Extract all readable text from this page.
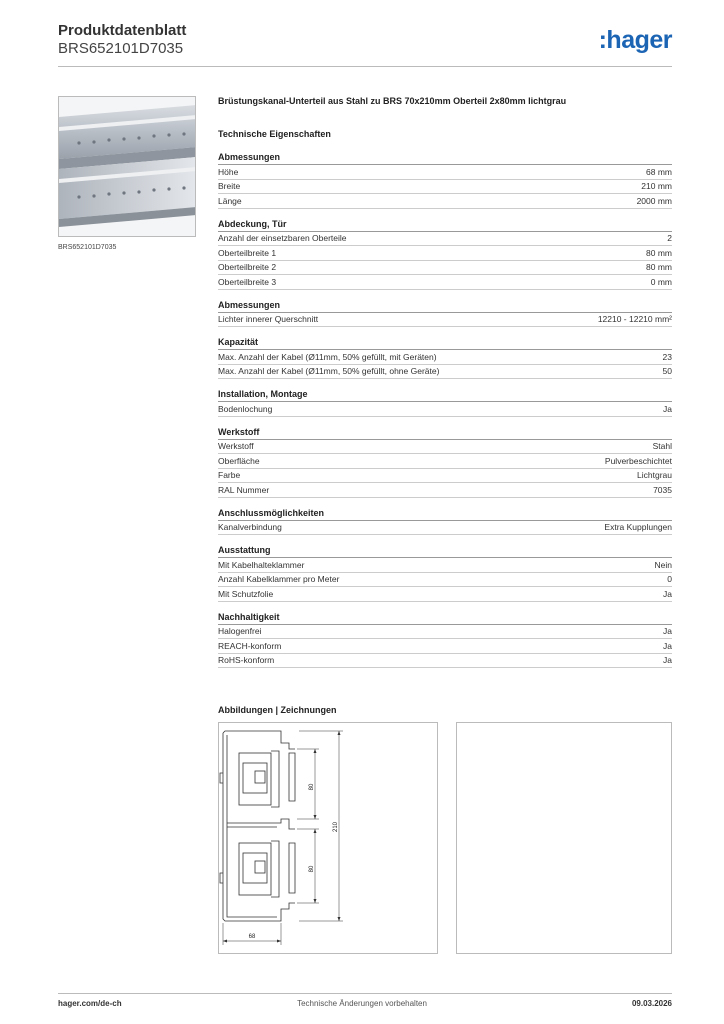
Produktdatenblatt
BRS652101D7035	:hager
BRS652101D7035
Brüstungskanal-Unterteil aus Stahl zu BRS 70x210mm Oberteil 2x80mm lichtgrau
Technische Eigenschaften
Abmessungen
Höhe	68 mm
Breite	210 mm
Länge	2000 mm
Abdeckung, Tür
Anzahl der einsetzbaren Oberteile	2
Oberteilbreite 1	80 mm
Oberteilbreite 2	80 mm
Oberteilbreite 3	0 mm
Abmessungen
Lichter innerer Querschnitt	12210 - 12210 mm²
Kapazität
Max. Anzahl der Kabel (Ø11mm, 50% gefüllt, mit Geräten)	23
Max. Anzahl der Kabel (Ø11mm, 50% gefüllt, ohne Geräte)	50
Installation, Montage
Bodenlochung	Ja
Werkstoff
Werkstoff	Stahl
Oberfläche	Pulverbeschichtet
Farbe	Lichtgrau
RAL Nummer	7035
Anschlussmöglichkeiten
Kanalverbindung	Extra Kupplungen
Ausstattung
Mit Kabelhalteklammer	Nein
Anzahl Kabelklammer pro Meter	0
Mit Schutzfolie	Ja
Nachhaltigkeit
Halogenfrei	Ja
REACH-konform	Ja
RoHS-konform	Ja
Abbildungen | Zeichnungen
80
210
80
68
hager.com/de-ch	Technische Änderungen vorbehalten	09.03.2026
